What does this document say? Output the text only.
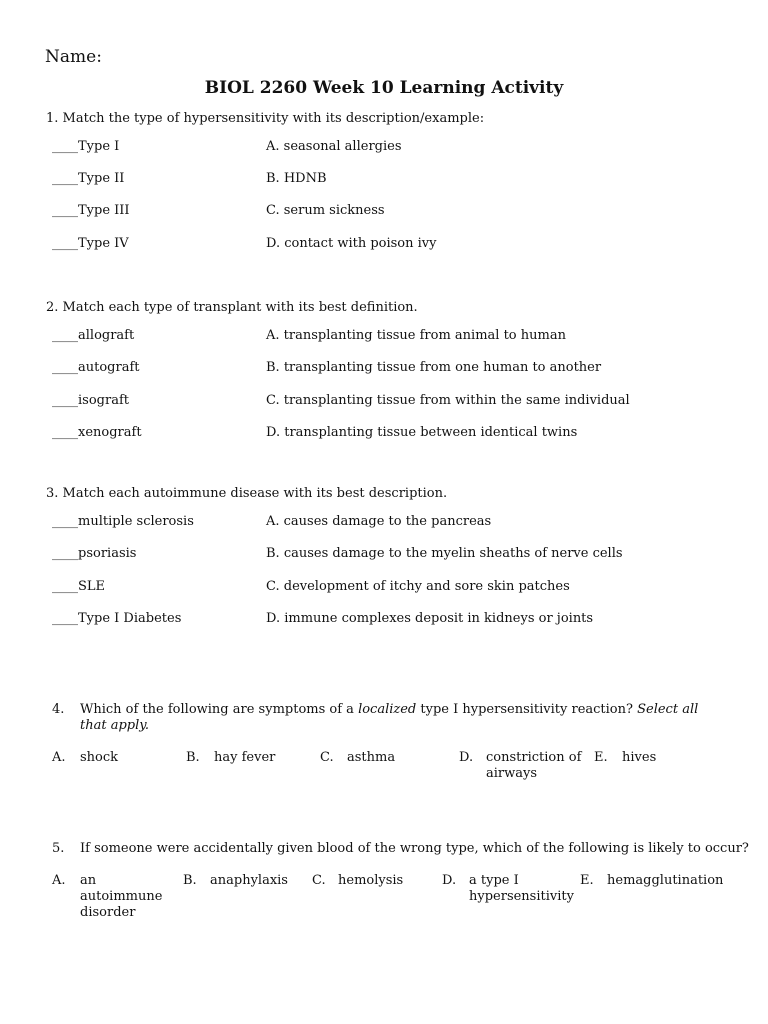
Name:
BIOL 2260 Week 10 Learning Activity
1. Match the type of hypersensitivity with its description/example:
____Type I	A. seasonal allergies
____Type II	B. HDNB
____Type III	C. serum sickness
____Type IV	D. contact with poison ivy
2. Match each type of transplant with its best definition.
____allograft	A. transplanting tissue from animal to human
____autograft	B. transplanting tissue from one human to another
____isograft	C. transplanting tissue from within the same individual
____xenograft	D. transplanting tissue between identical twins
3. Match each autoimmune disease with its best description.
____multiple sclerosis	A. causes damage to the pancreas
____psoriasis	B. causes damage to the myelin sheaths of nerve cells
____SLE	C. development of itchy and sore skin patches
____Type I Diabetes	D. immune complexes deposit in kidneys or joints
4. Which of the following are symptoms of a localized type I hypersensitivity reaction? Select all that apply.
A. shock	B. hay fever	C. asthma	D. constriction of airways
E. hives
5. If someone were accidentally given blood of the wrong type, which of the following is likely to occur?
A. an autoimmune disorder
B. anaphylaxis C. hemolysis	D. a type I hypersensitivity
E. hemagglutination
